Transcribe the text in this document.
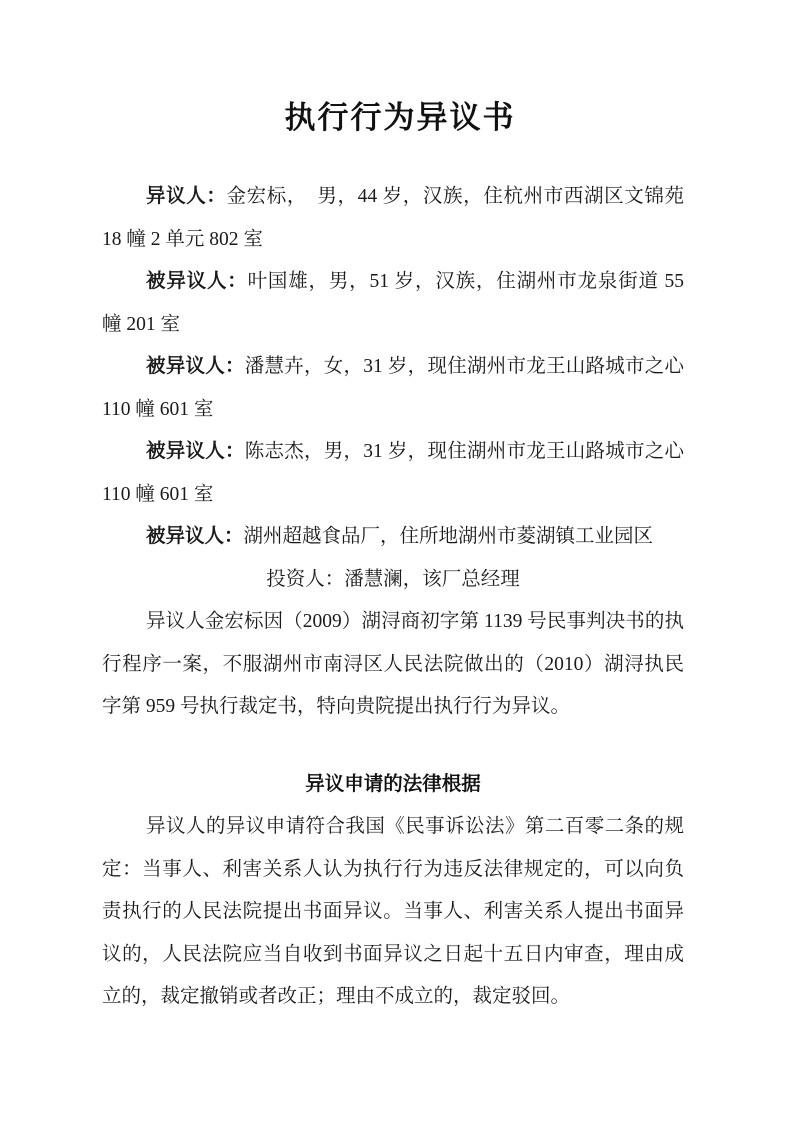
执行行为异议书

异议人：金宏标，　男，44 岁，汉族，住杭州市西湖区文锦苑 18 幢 2 单元 802 室

被异议人：叶国雄，男，51 岁，汉族，住湖州市龙泉街道 55 幢 201 室

被异议人：潘慧卉，女，31 岁，现住湖州市龙王山路城市之心 110 幢 601 室

被异议人：陈志杰，男，31 岁，现住湖州市龙王山路城市之心 110 幢 601 室

被异议人：湖州超越食品厂，住所地湖州市菱湖镇工业园区

投资人：潘慧澜，该厂总经理

异议人金宏标因（2009）湖浔商初字第 1139 号民事判决书的执行程序一案，不服湖州市南浔区人民法院做出的（2010）湖浔执民字第 959 号执行裁定书，特向贵院提出执行行为异议。

异议申请的法律根据

异议人的异议申请符合我国《民事诉讼法》第二百零二条的规定：当事人、利害关系人认为执行行为违反法律规定的，可以向负责执行的人民法院提出书面异议。当事人、利害关系人提出书面异议的，人民法院应当自收到书面异议之日起十五日内审查，理由成立的，裁定撤销或者改正；理由不成立的，裁定驳回。
